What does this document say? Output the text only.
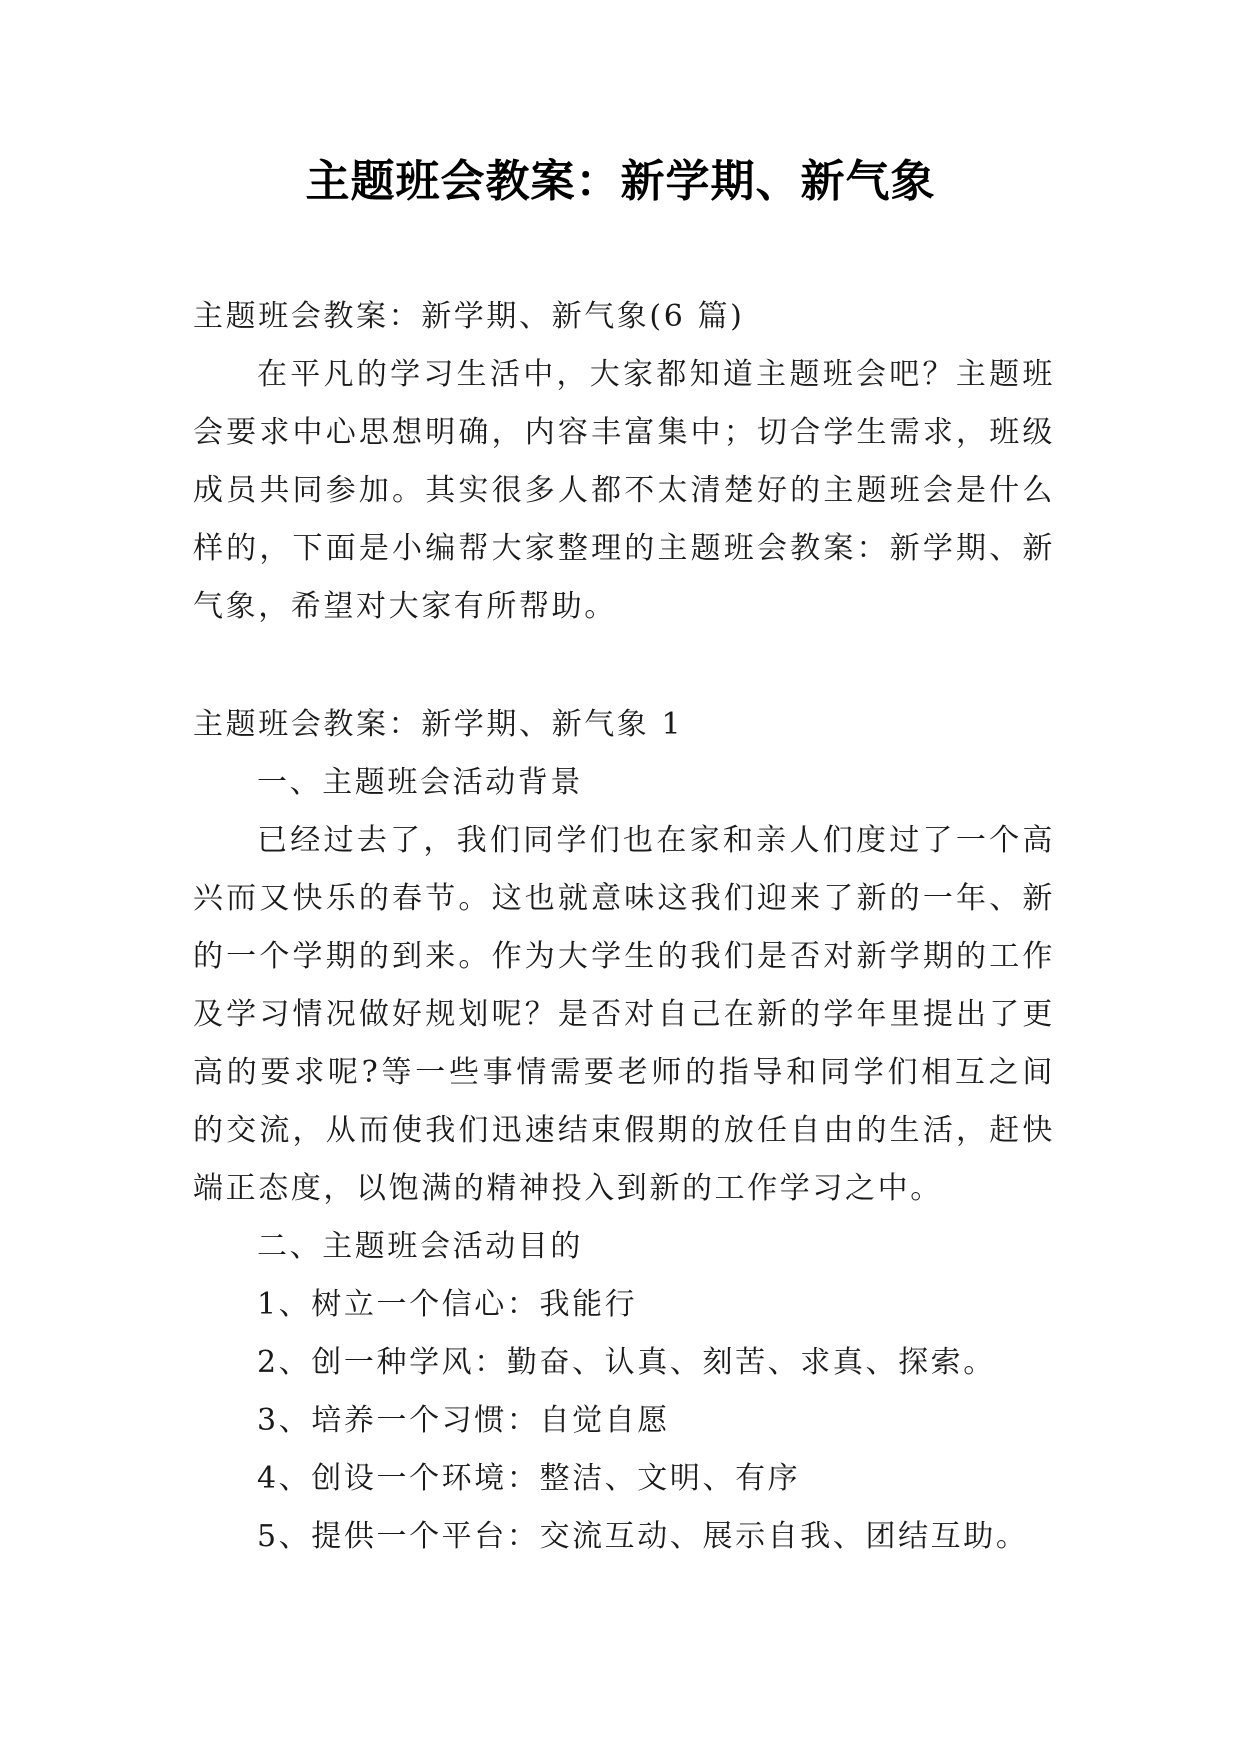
主题班会教案：新学期、新气象
主题班会教案：新学期、新气象(6 篇)

在平凡的学习生活中，大家都知道主题班会吧？主题班会要求中心思想明确，内容丰富集中；切合学生需求，班级成员共同参加。其实很多人都不太清楚好的主题班会是什么样的，下面是小编帮大家整理的主题班会教案：新学期、新气象，希望对大家有所帮助。

主题班会教案：新学期、新气象 1

一、主题班会活动背景

已经过去了，我们同学们也在家和亲人们度过了一个高兴而又快乐的春节。这也就意味这我们迎来了新的一年、新的一个学期的到来。作为大学生的我们是否对新学期的工作及学习情况做好规划呢？是否对自己在新的学年里提出了更高的要求呢?等一些事情需要老师的指导和同学们相互之间的交流，从而使我们迅速结束假期的放任自由的生活，赶快端正态度，以饱满的精神投入到新的工作学习之中。

二、主题班会活动目的

1、树立一个信心：我能行

2、创一种学风：勤奋、认真、刻苦、求真、探索。

3、培养一个习惯：自觉自愿

4、创设一个环境：整洁、文明、有序

5、提供一个平台：交流互动、展示自我、团结互助。
